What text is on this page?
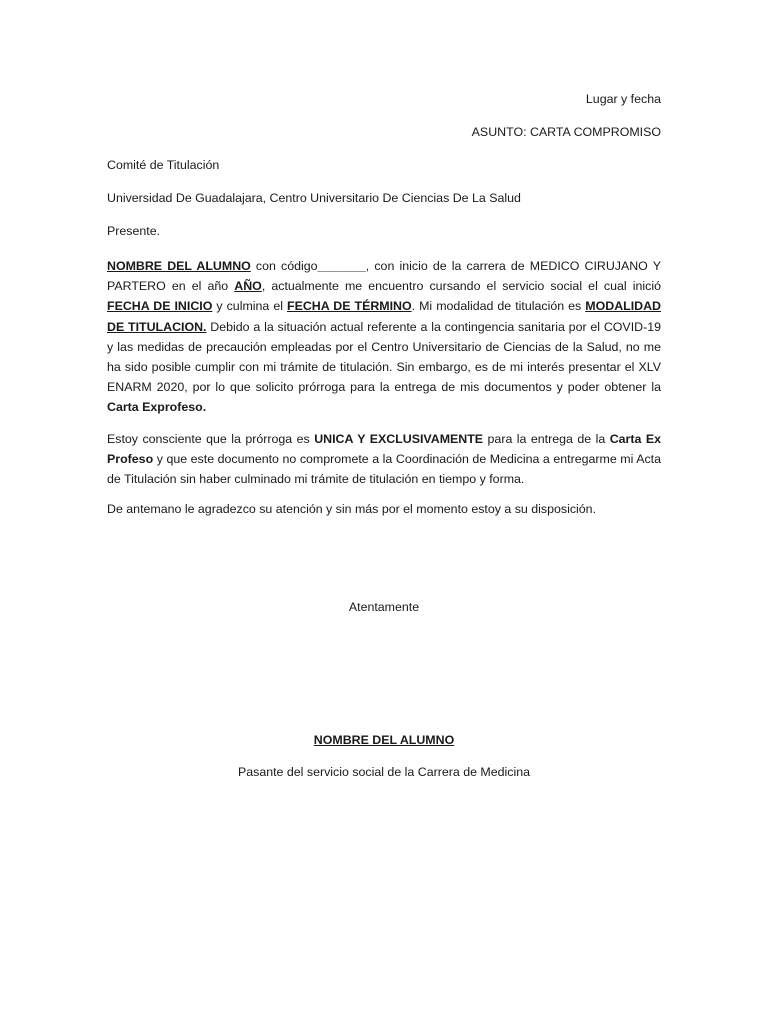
Lugar y fecha
ASUNTO: CARTA COMPROMISO
Comité de Titulación
Universidad De Guadalajara, Centro Universitario De Ciencias De La Salud
Presente.
NOMBRE DEL ALUMNO con código_______, con inicio de la carrera de MEDICO CIRUJANO Y PARTERO en el año AÑO, actualmente me encuentro cursando el servicio social el cual inició FECHA DE INICIO y culmina el FECHA DE TÉRMINO. Mi modalidad de titulación es MODALIDAD DE TITULACION. Debido a la situación actual referente a la contingencia sanitaria por el COVID-19 y las medidas de precaución empleadas por el Centro Universitario de Ciencias de la Salud, no me ha sido posible cumplir con mi trámite de titulación. Sin embargo, es de mi interés presentar el XLV ENARM 2020, por lo que solicito prórroga para la entrega de mis documentos y poder obtener la Carta Exprofeso.
Estoy consciente que la prórroga es UNICA Y EXCLUSIVAMENTE para la entrega de la Carta Ex Profeso y que este documento no compromete a la Coordinación de Medicina a entregarme mi Acta de Titulación sin haber culminado mi trámite de titulación en tiempo y forma.
De antemano le agradezco su atención y sin más por el momento estoy a su disposición.
Atentamente
NOMBRE DEL ALUMNO
Pasante del servicio social de la Carrera de Medicina
